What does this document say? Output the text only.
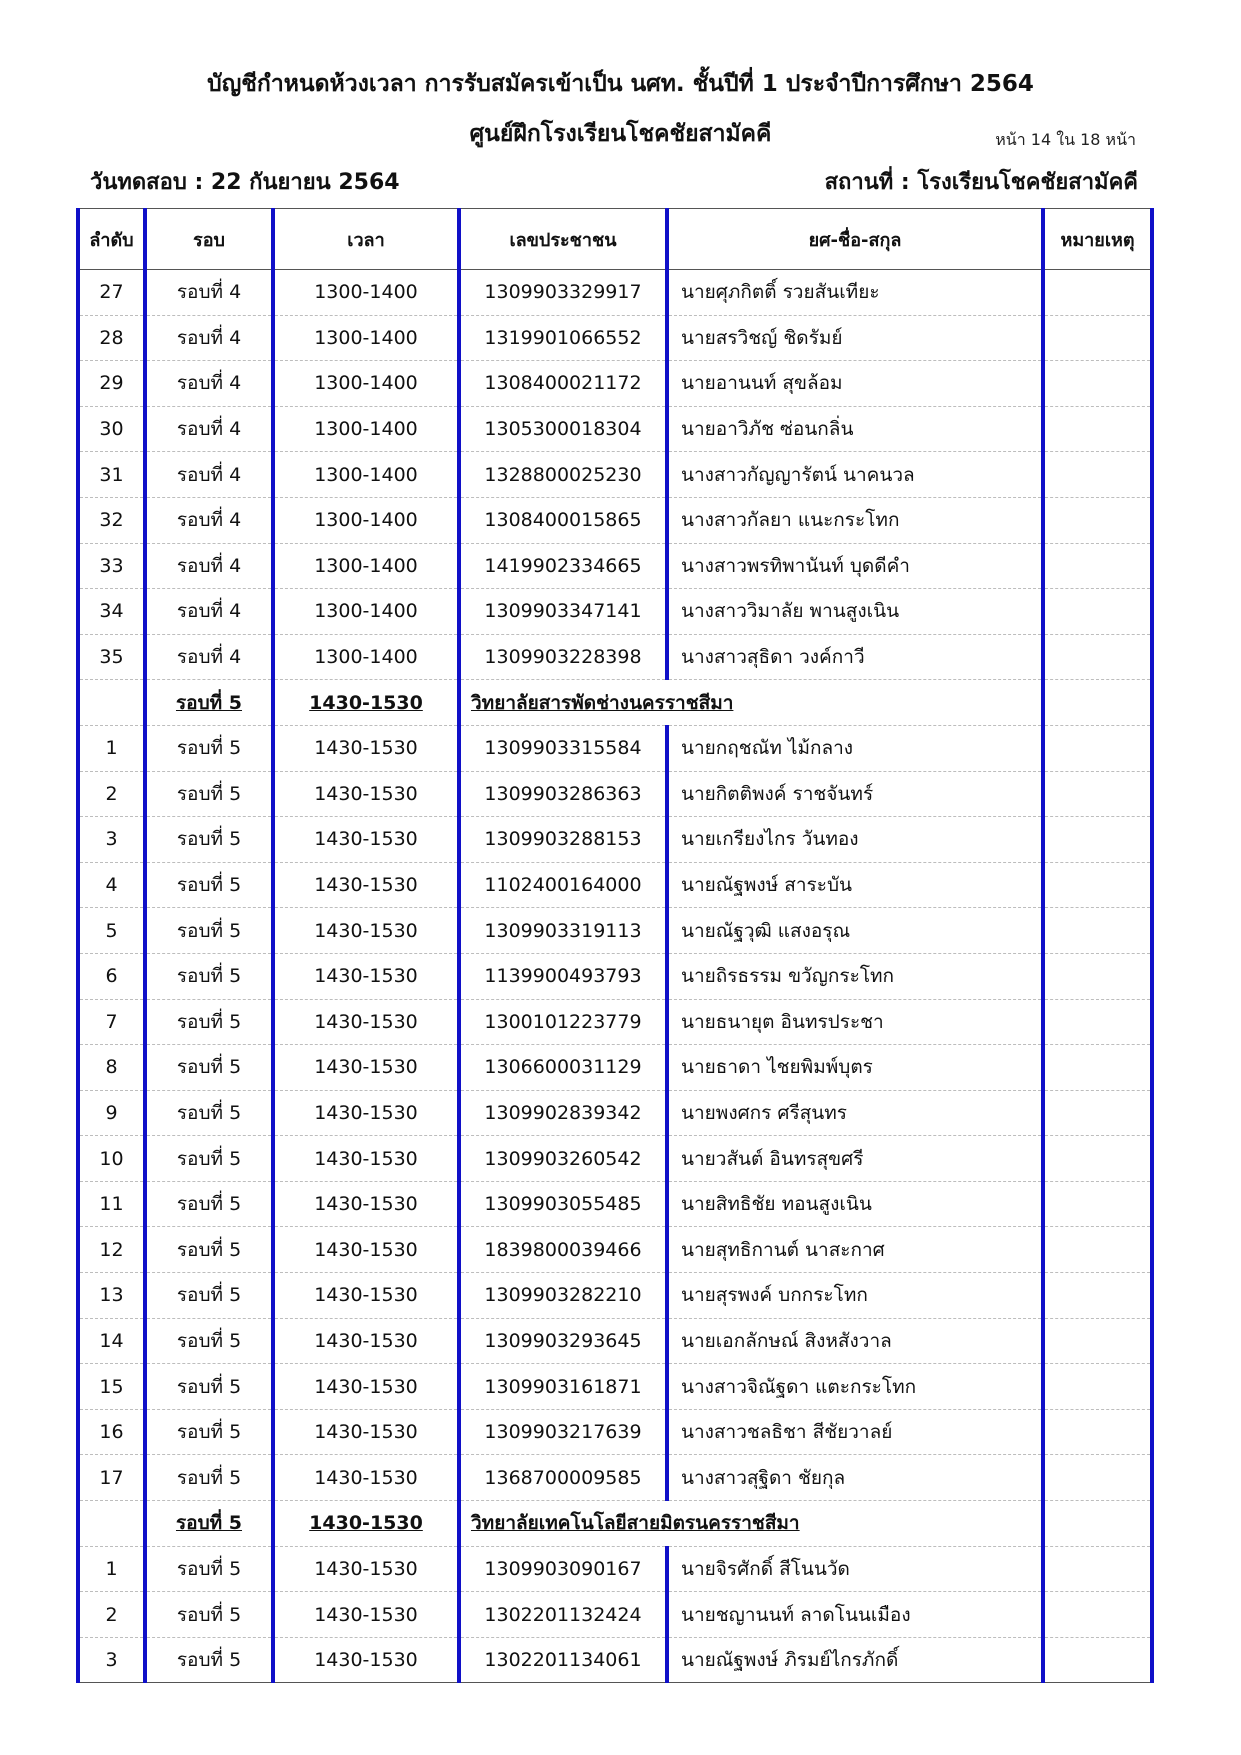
บัญชีกำหนดห้วงเวลา การรับสมัครเข้าเป็น นศท. ชั้นปีที่ 1 ประจำปีการศึกษา 2564
ศูนย์ฝึกโรงเรียนโชคชัยสามัคคี	หน้า 14 ใน 18 หน้า
วันทดสอบ : 22 กันยายน 2564	สถานที่ : โรงเรียนโชคชัยสามัคคี
ลำดับ	รอบ	เวลา	เลขประชาชน	ยศ-ชื่อ-สกุล	หมายเหตุ
27	รอบที่ 4	1300-1400	1309903329917	นายศุภกิตติ์ รวยสันเทียะ	
28	รอบที่ 4	1300-1400	1319901066552	นายสรวิชญ์ ชิดรัมย์	
29	รอบที่ 4	1300-1400	1308400021172	นายอานนท์ สุขล้อม	
30	รอบที่ 4	1300-1400	1305300018304	นายอาวิภัช ซ่อนกลิ่น	
31	รอบที่ 4	1300-1400	1328800025230	นางสาวกัญญารัตน์ นาคนวล	
32	รอบที่ 4	1300-1400	1308400015865	นางสาวกัลยา แนะกระโทก	
33	รอบที่ 4	1300-1400	1419902334665	นางสาวพรทิพานันท์ บุดดีคำ	
34	รอบที่ 4	1300-1400	1309903347141	นางสาววิมาลัย พานสูงเนิน	
35	รอบที่ 4	1300-1400	1309903228398	นางสาวสุธิดา วงค์กาวี	
	รอบที่ 5	1430-1530	วิทยาลัยสารพัดช่างนครราชสีมา		
1	รอบที่ 5	1430-1530	1309903315584	นายกฤชณัท ไม้กลาง	
2	รอบที่ 5	1430-1530	1309903286363	นายกิตติพงค์ ราชจันทร์	
3	รอบที่ 5	1430-1530	1309903288153	นายเกรียงไกร วันทอง	
4	รอบที่ 5	1430-1530	1102400164000	นายณัฐพงษ์ สาระบัน	
5	รอบที่ 5	1430-1530	1309903319113	นายณัฐวุฒิ แสงอรุณ	
6	รอบที่ 5	1430-1530	1139900493793	นายถิรธรรม ขวัญกระโทก	
7	รอบที่ 5	1430-1530	1300101223779	นายธนายุต อินทรประชา	
8	รอบที่ 5	1430-1530	1306600031129	นายธาดา ไชยพิมพ์บุตร	
9	รอบที่ 5	1430-1530	1309902839342	นายพงศกร ศรีสุนทร	
10	รอบที่ 5	1430-1530	1309903260542	นายวสันต์ อินทรสุขศรี	
11	รอบที่ 5	1430-1530	1309903055485	นายสิทธิชัย ทอนสูงเนิน	
12	รอบที่ 5	1430-1530	1839800039466	นายสุทธิกานต์ นาสะกาศ	
13	รอบที่ 5	1430-1530	1309903282210	นายสุรพงค์ บกกระโทก	
14	รอบที่ 5	1430-1530	1309903293645	นายเอกลักษณ์ สิงหสังวาล	
15	รอบที่ 5	1430-1530	1309903161871	นางสาวจิณัฐดา แตะกระโทก	
16	รอบที่ 5	1430-1530	1309903217639	นางสาวชลธิชา สีชัยวาลย์	
17	รอบที่ 5	1430-1530	1368700009585	นางสาวสุฐิดา ชัยกุล	
	รอบที่ 5	1430-1530	วิทยาลัยเทคโนโลยีสายมิตรนครราชสีมา		
1	รอบที่ 5	1430-1530	1309903090167	นายจิรศักดิ์ สีโนนวัด	
2	รอบที่ 5	1430-1530	1302201132424	นายชญานนท์ ลาดโนนเมือง	
3	รอบที่ 5	1430-1530	1302201134061	นายณัฐพงษ์ ภิรมย์ไกรภักดิ์	
